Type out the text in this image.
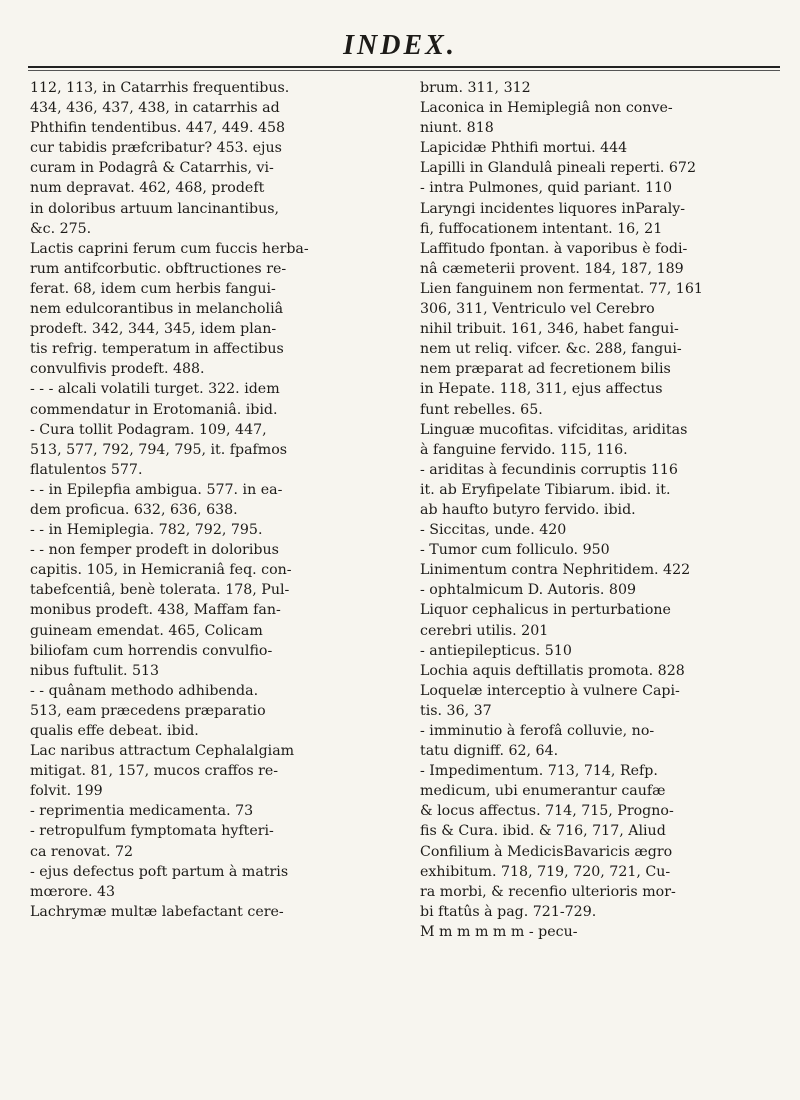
INDEX.
112, 113, in Catarrhis frequentibus.
434, 436, 437, 438, in catarrhis ad
Phthifin tendentibus. 447, 449. 458
cur tabidis præfcribatur? 453. ejus
curam in Podagrâ & Catarrhis, vi-
num depravat. 462, 468, prodeft
in doloribus artuum lancinantibus,
&c. 275.
Lactis caprini ferum cum fuccis herba-
rum antifcorbutic. obftructiones re-
ferat. 68, idem cum herbis fangui-
nem edulcorantibus in melancholiâ
prodeft. 342, 344, 345, idem plan-
tis refrig. temperatum in affectibus
convulfivis prodeft. 488.
- - - alcali volatili turget. 322. idem
commendatur in Erotomaniâ. ibid.
- Cura tollit Podagram. 109, 447,
513, 577, 792, 794, 795, it. fpafmos
flatulentos 577.
- - in Epilepfia ambigua. 577. in ea-
dem proficua. 632, 636, 638.
- - in Hemiplegia. 782, 792, 795.
- - non femper prodeft in doloribus
capitis. 105, in Hemicraniâ feq. con-
tabefcentiâ, benè tolerata. 178, Pul-
monibus prodeft. 438, Maffam fan-
guineam emendat. 465, Colicam
biliofam cum horrendis convulfio-
nibus fuftulit. 513
- - quânam methodo adhibenda.
513, eam præcedens præparatio
qualis effe debeat. ibid.
Lac naribus attractum Cephalalgiam
mitigat. 81, 157, mucos craffos re-
folvit. 199
- reprimentia medicamenta. 73
- retropulfum fymptomata hyfteri-
ca renovat. 72
- ejus defectus poft partum à matris
mœrore. 43
Lachrymæ multæ labefactant cere-
brum. 311, 312
Laconica in Hemiplegiâ non conve-
niunt. 818
Lapicidæ Phthifi mortui. 444
Lapilli in Glandulâ pineali reperti. 672
- intra Pulmones, quid pariant. 110
Laryngi incidentes liquores inParaly-
fi, fuffocationem intentant. 16, 21
Laffitudo fpontan. à vaporibus è fodi-
nâ cæmeterii provent. 184, 187, 189
Lien fanguinem non fermentat. 77, 161
306, 311, Ventriculo vel Cerebro
nihil tribuit. 161, 346, habet fangui-
nem ut reliq. vifcer. &c. 288, fangui-
nem præparat ad fecretionem bilis
in Hepate. 118, 311, ejus affectus
funt rebelles. 65.
Linguæ mucofitas. vifciditas, ariditas
à fanguine fervido. 115, 116.
- ariditas à fecundinis corruptis 116
it. ab Eryfipelate Tibiarum. ibid. it.
ab haufto butyro fervido. ibid.
- Siccitas, unde. 420
- Tumor cum folliculo. 950
Linimentum contra Nephritidem. 422
- ophtalmicum D. Autoris. 809
Liquor cephalicus in perturbatione
cerebri utilis. 201
- antiepilepticus. 510
Lochia aquis deftillatis promota. 828
Loquelæ interceptio à vulnere Capi-
tis. 36, 37
- imminutio à ferofâ colluvie, no-
tatu digniff. 62, 64.
- Impedimentum. 713, 714, Refp.
medicum, ubi enumerantur caufæ
& locus affectus. 714, 715, Progno-
fis & Cura. ibid. & 716, 717, Aliud
Confilium à MedicisBavaricis ægro
exhibitum. 718, 719, 720, 721, Cu-
ra morbi, & recenfio ulterioris mor-
bi ftatûs à pag. 721-729.
M m m m m m - pecu-
